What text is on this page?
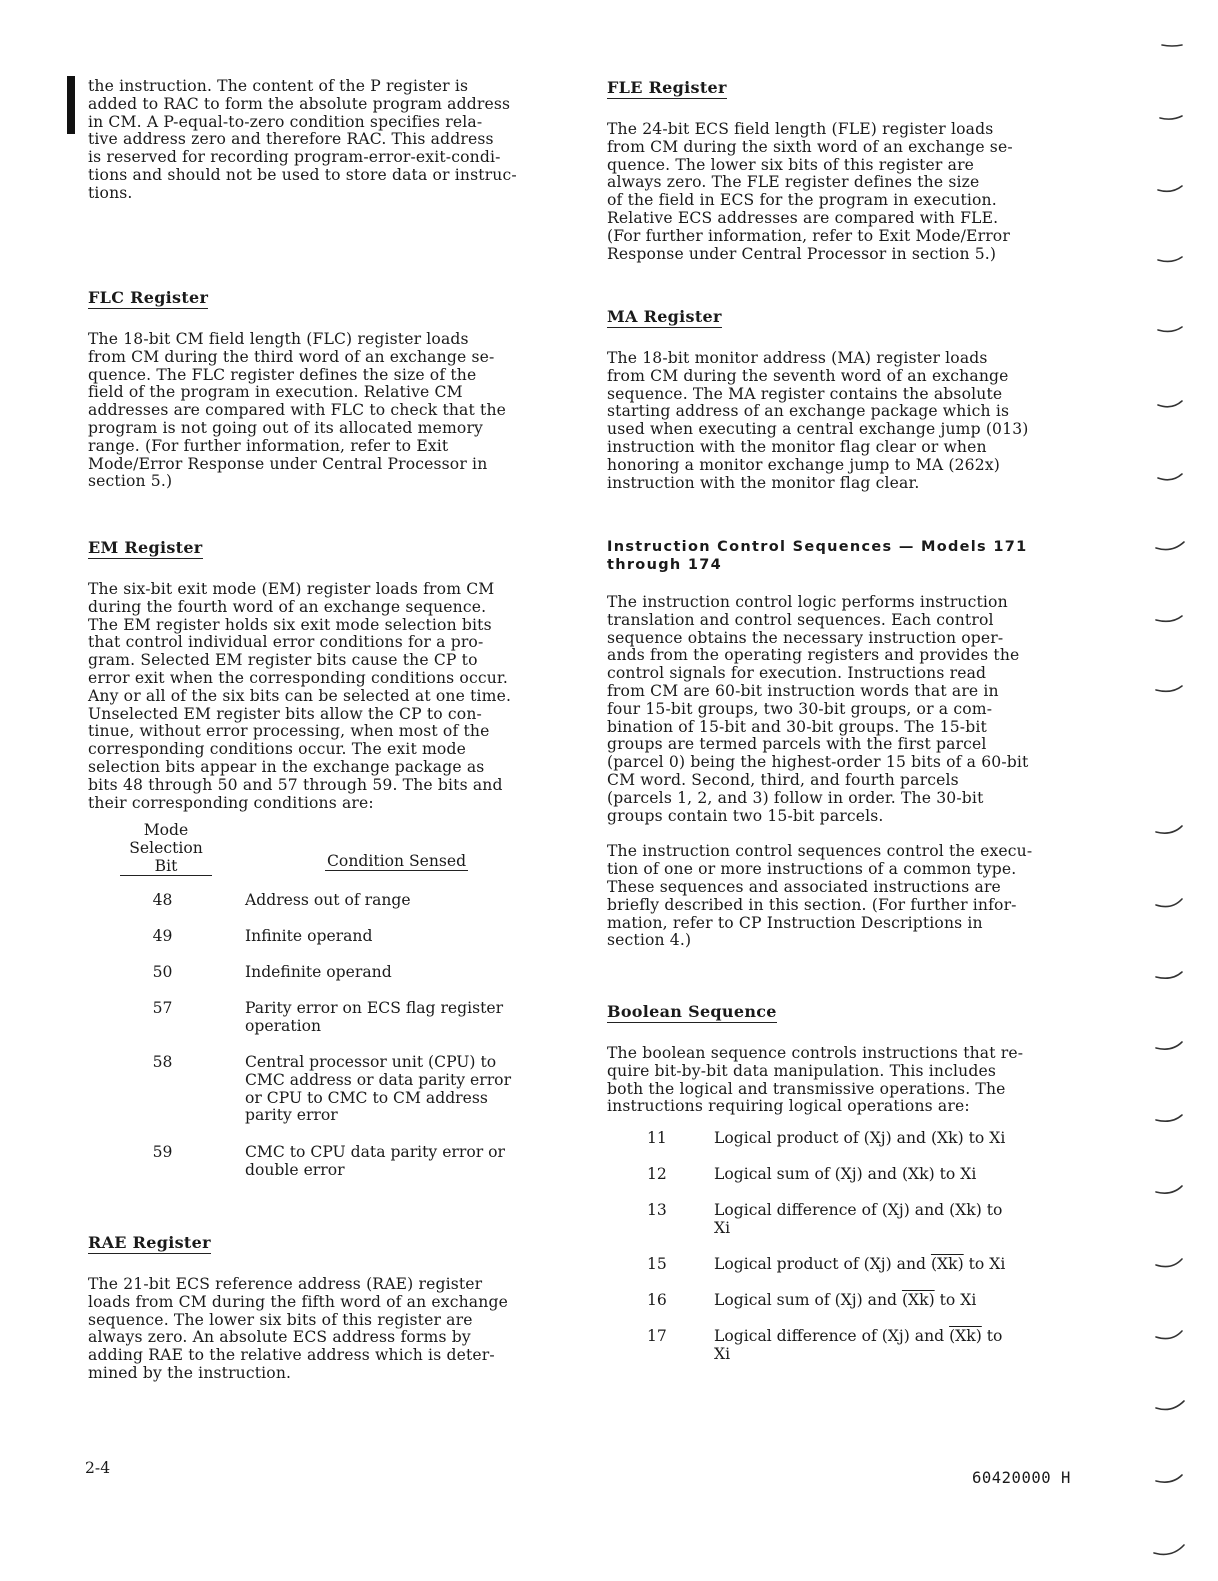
the instruction. The content of the P register is
added to RAC to form the absolute program address
in CM. A P-equal-to-zero condition specifies rela-
tive address zero and therefore RAC. This address
is reserved for recording program-error-exit-condi-
tions and should not be used to store data or instruc-
tions.

FLC Register

The 18-bit CM field length (FLC) register loads
from CM during the third word of an exchange se-
quence. The FLC register defines the size of the
field of the program in execution. Relative CM
addresses are compared with FLC to check that the
program is not going out of its allocated memory
range. (For further information, refer to Exit
Mode/Error Response under Central Processor in
section 5.)

EM Register

The six-bit exit mode (EM) register loads from CM
during the fourth word of an exchange sequence.
The EM register holds six exit mode selection bits
that control individual error conditions for a pro-
gram. Selected EM register bits cause the CP to
error exit when the corresponding conditions occur.
Any or all of the six bits can be selected at one time.
Unselected EM register bits allow the CP to con-
tinue, without error processing, when most of the
corresponding conditions occur. The exit mode
selection bits appear in the exchange package as
bits 48 through 50 and 57 through 59. The bits and
their corresponding conditions are:

Mode
Selection
Bit	Condition Sensed
48	Address out of range
49	Infinite operand
50	Indefinite operand
57	Parity error on ECS flag register
operation
58	Central processor unit (CPU) to
CMC address or data parity error
or CPU to CMC to CM address
parity error
59	CMC to CPU data parity error or
double error
RAE Register

The 21-bit ECS reference address (RAE) register
loads from CM during the fifth word of an exchange
sequence. The lower six bits of this register are
always zero. An absolute ECS address forms by
adding RAE to the relative address which is deter-
mined by the instruction.

FLE Register

The 24-bit ECS field length (FLE) register loads
from CM during the sixth word of an exchange se-
quence. The lower six bits of this register are
always zero. The FLE register defines the size
of the field in ECS for the program in execution.
Relative ECS addresses are compared with FLE.
(For further information, refer to Exit Mode/Error
Response under Central Processor in section 5.)

MA Register

The 18-bit monitor address (MA) register loads
from CM during the seventh word of an exchange
sequence. The MA register contains the absolute
starting address of an exchange package which is
used when executing a central exchange jump (013)
instruction with the monitor flag clear or when
honoring a monitor exchange jump to MA (262x)
instruction with the monitor flag clear.

Instruction Control Sequences — Models 171
through 174

The instruction control logic performs instruction
translation and control sequences. Each control
sequence obtains the necessary instruction oper-
ands from the operating registers and provides the
control signals for execution. Instructions read
from CM are 60-bit instruction words that are in
four 15-bit groups, two 30-bit groups, or a com-
bination of 15-bit and 30-bit groups. The 15-bit
groups are termed parcels with the first parcel
(parcel 0) being the highest-order 15 bits of a 60-bit
CM word. Second, third, and fourth parcels
(parcels 1, 2, and 3) follow in order. The 30-bit
groups contain two 15-bit parcels.

The instruction control sequences control the execu-
tion of one or more instructions of a common type.
These sequences and associated instructions are
briefly described in this section. (For further infor-
mation, refer to CP Instruction Descriptions in
section 4.)

Boolean Sequence

The boolean sequence controls instructions that re-
quire bit-by-bit data manipulation. This includes
both the logical and transmissive operations. The
instructions requiring logical operations are:

11	Logical product of (Xj) and (Xk) to Xi
12	Logical sum of (Xj) and (Xk) to Xi
13	Logical difference of (Xj) and (Xk) to
Xi
15	Logical product of (Xj) and (Xk) to Xi
16	Logical sum of (Xj) and (Xk) to Xi
17	Logical difference of (Xj) and (Xk) to
Xi
2-4
60420000 H
